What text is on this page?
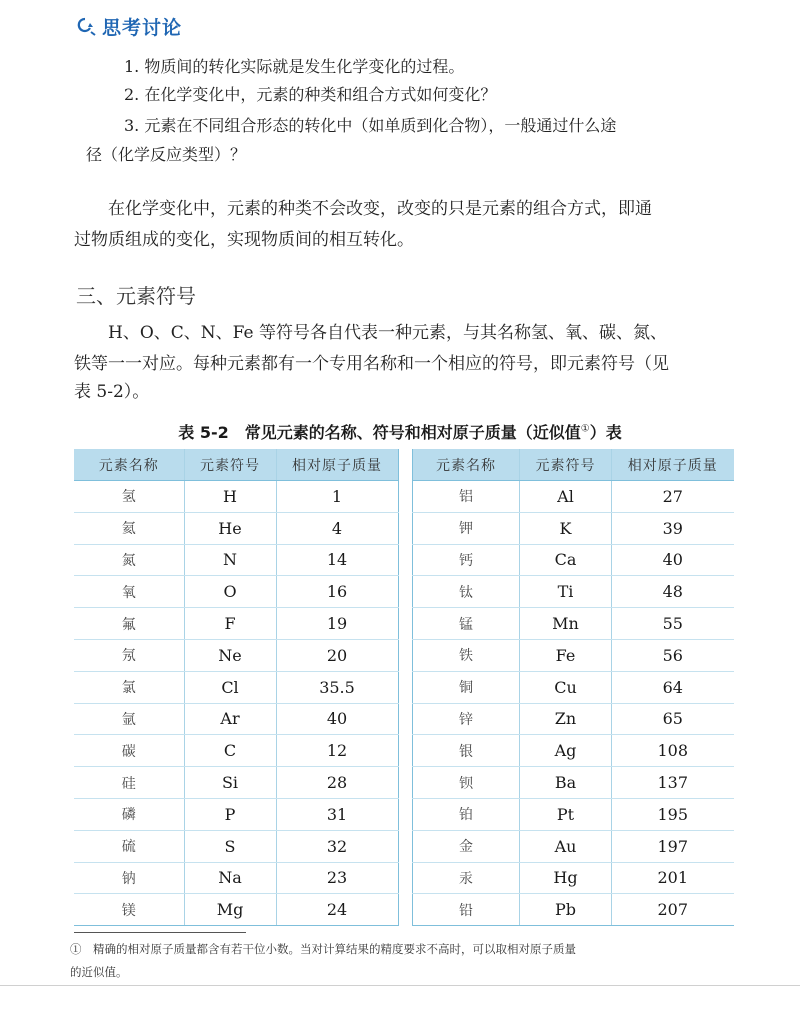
思考讨论
1. 物质间的转化实际就是发生化学变化的过程。
2. 在化学变化中，元素的种类和组合方式如何变化？
3. 元素在不同组合形态的转化中（如单质到化合物），一般通过什么途
径（化学反应类型）？
在化学变化中，元素的种类不会改变，改变的只是元素的组合方式，即通
过物质组成的变化，实现物质间的相互转化。
三、元素符号
H、O、C、N、Fe 等符号各自代表一种元素，与其名称氢、氧、碳、氮、
铁等一一对应。每种元素都有一个专用名称和一个相应的符号，即元素符号（见
表 5-2）。
表 5-2　常见元素的名称、符号和相对原子质量（近似值①）表
元素名称	元素符号	相对原子质量
氢	H	1
氦	He	4
氮	N	14
氧	O	16
氟	F	19
氖	Ne	20
氯	Cl	35.5
氩	Ar	40
碳	C	12
硅	Si	28
磷	P	31
硫	S	32
钠	Na	23
镁	Mg	24
元素名称	元素符号	相对原子质量
铝	Al	27
钾	K	39
钙	Ca	40
钛	Ti	48
锰	Mn	55
铁	Fe	56
铜	Cu	64
锌	Zn	65
银	Ag	108
钡	Ba	137
铂	Pt	195
金	Au	197
汞	Hg	201
铅	Pb	207
①　精确的相对原子质量都含有若干位小数。当对计算结果的精度要求不高时，可以取相对原子质量
的近似值。
